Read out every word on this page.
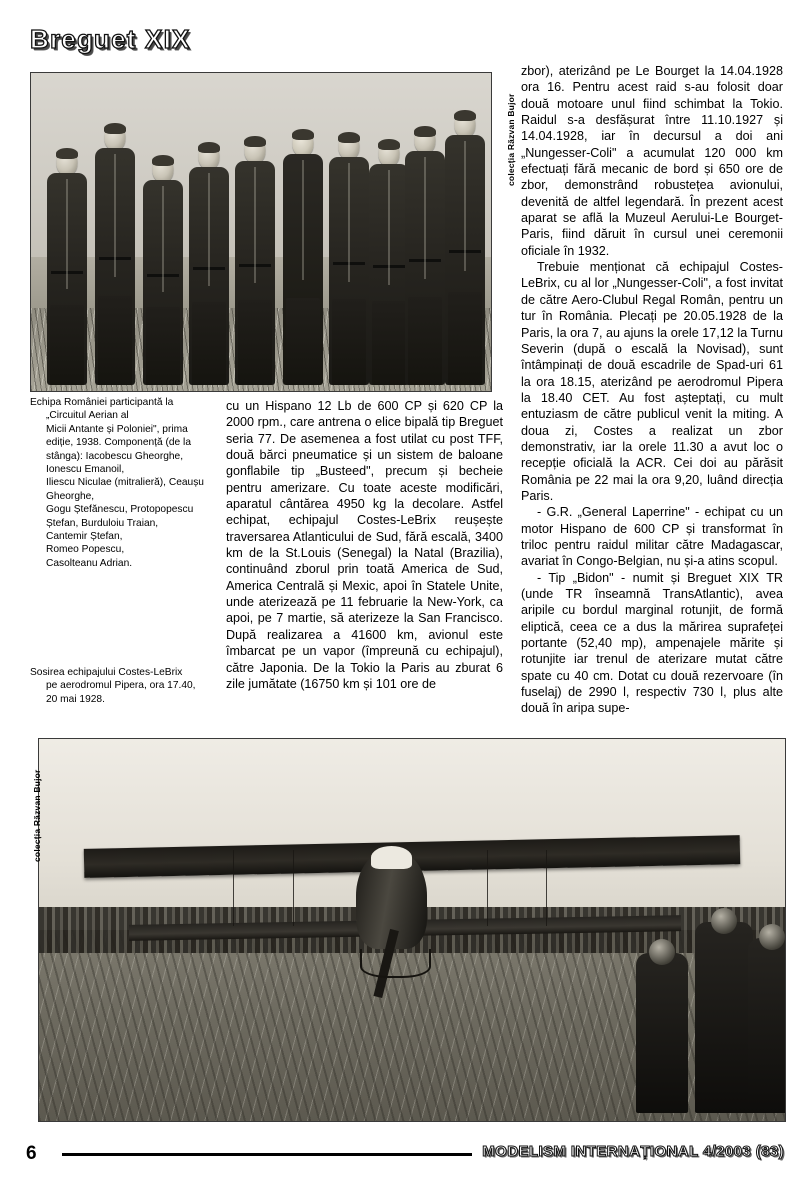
Breguet XIX
colecția Răzvan Bujor

Echipa României participantă la

„Circuitul Aerian al

Micii Antante și Poloniei", prima

ediție, 1938. Componență (de la

stânga): Iacobescu Gheorghe,

Ionescu Emanoil,

Iliescu Niculae (mitralieră), Ceaușu

Gheorghe,

Gogu Ștefănescu, Protopopescu

Ștefan, Burduloiu Traian,

Cantemir Ștefan,

Romeo Popescu,

Casolteanu Adrian.

Sosirea echipajului Costes-LeBrix

pe aerodromul Pipera, ora 17.40,

20 mai 1928.

cu un Hispano 12 Lb de 600 CP și 620 CP la 2000 rpm., care antrena o elice bipală tip Breguet seria 77. De asemenea a fost utilat cu post TFF, două bărci pneumatice și un sistem de baloane gonflabile tip „Busteed", precum și becheie pentru amerizare. Cu toate aceste modificări, aparatul cântărea 4950 kg la decolare. Astfel echipat, echipajul Costes-LeBrix reușește traversarea Atlanticului de Sud, fără escală, 3400 km de la St.Louis (Senegal) la Natal (Brazilia), continuând zborul prin toată America de Sud, America Centrală și Mexic, apoi în Statele Unite, unde aterizează pe 11 februarie la New-York, ca apoi, pe 7 martie, să aterizeze la San Francisco. După realizarea a 41600 km, avionul este îmbarcat pe un vapor (împreună cu echipajul), către Japonia. De la Tokio la Paris au zburat 6 zile jumătate (16750 km și 101 ore de

zbor), aterizând pe Le Bourget la 14.04.1928 ora 16. Pentru acest raid s-au folosit doar două motoare unul fiind schimbat la Tokio. Raidul s-a desfășurat între 11.10.1927 și 14.04.1928, iar în decursul a doi ani „Nungesser-Coli" a acumulat 120 000 km efectuați fără mecanic de bord și 650 ore de zbor, demonstrând robustețea avionului, devenită de altfel legendară. În prezent acest aparat se află la Muzeul Aerului-Le Bourget-Paris, fiind dăruit în cursul unei ceremonii oficiale în 1932.

Trebuie menționat că echipajul Costes-LeBrix, cu al lor „Nungesser-Coli", a fost invitat de către Aero-Clubul Regal Român, pentru un tur în România. Plecați pe 20.05.1928 de la Paris, la ora 7, au ajuns la orele 17,12 la Turnu Severin (după o escală la Novisad), sunt întâmpinați de două escadrile de Spad-uri 61 la ora 18.15, aterizând pe aerodromul Pipera la 18.40 CET. Au fost așteptați, cu mult entuziasm de către publicul venit la miting. A doua zi, Costes a realizat un zbor demonstrativ, iar la orele 11.30 a avut loc o recepție oficială la ACR. Cei doi au părăsit România pe 22 mai la ora 9,20, luând direcția Paris.

- G.R. „General Laperrine" - echipat cu un motor Hispano de 600 CP și transformat în triloc pentru raidul militar către Madagascar, avariat în Congo-Belgian, nu și-a atins scopul.

- Tip „Bidon" - numit și Breguet XIX TR (unde TR înseamnă TransAtlantic), avea aripile cu bordul marginal rotunjit, de formă eliptică, ceea ce a dus la mărirea suprafeței portante (52,40 mp), ampenajele mărite și rotunjite iar trenul de aterizare mutat către spate cu 40 cm. Dotat cu două rezervoare (în fuselaj) de 2990 l, respectiv 730 l, plus alte două în aripa supe-

colecția Răzvan Bujor
6	MODELISM INTERNAȚIONAL 4/2003 (83)
